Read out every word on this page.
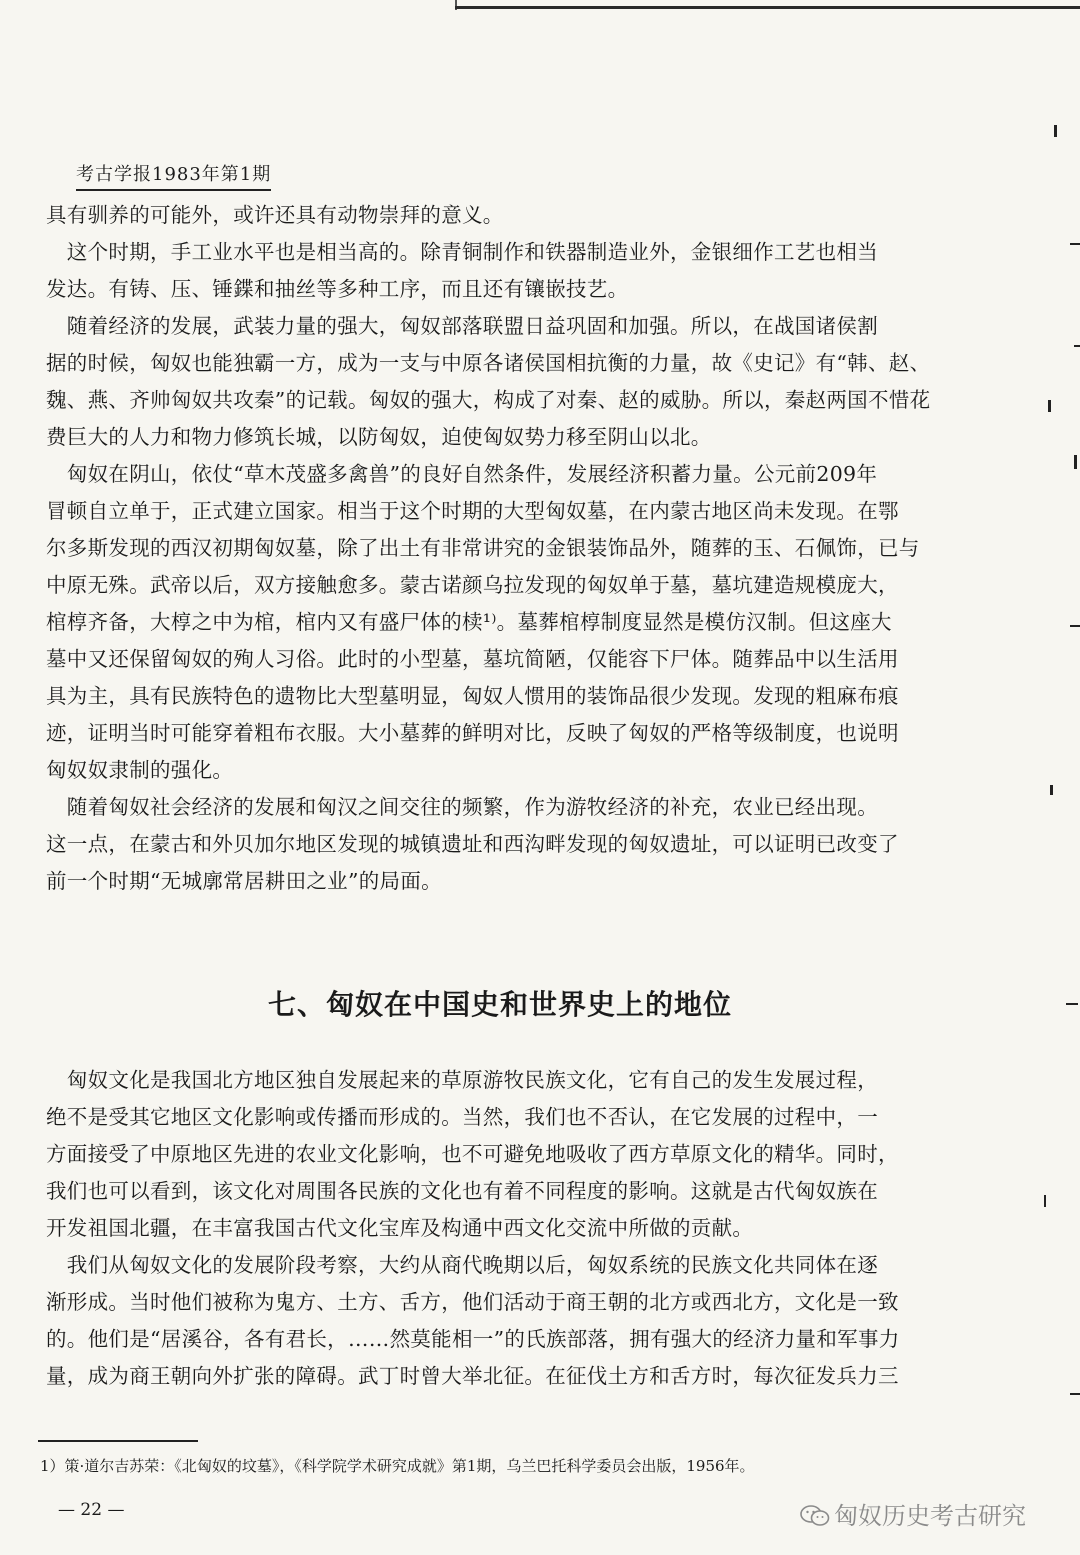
考古学报1983年第1期
具有驯养的可能外，或许还具有动物崇拜的意义。
　这个时期，手工业水平也是相当高的。除青铜制作和铁器制造业外，金银细作工艺也相当
发达。有铸、压、锤鍱和抽丝等多种工序，而且还有镶嵌技艺。
　随着经济的发展，武装力量的强大，匈奴部落联盟日益巩固和加强。所以，在战国诸侯割
据的时候，匈奴也能独霸一方，成为一支与中原各诸侯国相抗衡的力量，故《史记》有“韩、赵、
魏、燕、齐帅匈奴共攻秦”的记载。匈奴的强大，构成了对秦、赵的威胁。所以，秦赵两国不惜花
费巨大的人力和物力修筑长城，以防匈奴，迫使匈奴势力移至阴山以北。
　匈奴在阴山，依仗“草木茂盛多禽兽”的良好自然条件，发展经济积蓄力量。公元前209年
冒顿自立单于，正式建立国家。相当于这个时期的大型匈奴墓，在内蒙古地区尚未发现。在鄂
尔多斯发现的西汉初期匈奴墓，除了出土有非常讲究的金银装饰品外，随葬的玉、石佩饰，已与
中原无殊。武帝以后，双方接触愈多。蒙古诺颜乌拉发现的匈奴单于墓，墓坑建造规模庞大，
棺椁齐备，大椁之中为棺，棺内又有盛尸体的椟¹⁾。墓葬棺椁制度显然是模仿汉制。但这座大
墓中又还保留匈奴的殉人习俗。此时的小型墓，墓坑简陋，仅能容下尸体。随葬品中以生活用
具为主，具有民族特色的遗物比大型墓明显，匈奴人惯用的装饰品很少发现。发现的粗麻布痕
迹，证明当时可能穿着粗布衣服。大小墓葬的鲜明对比，反映了匈奴的严格等级制度，也说明
匈奴奴隶制的强化。
　随着匈奴社会经济的发展和匈汉之间交往的频繁，作为游牧经济的补充，农业已经出现。
这一点，在蒙古和外贝加尔地区发现的城镇遗址和西沟畔发现的匈奴遗址，可以证明已改变了
前一个时期“无城廓常居耕田之业”的局面。
七、匈奴在中国史和世界史上的地位
　匈奴文化是我国北方地区独自发展起来的草原游牧民族文化，它有自己的发生发展过程，
绝不是受其它地区文化影响或传播而形成的。当然，我们也不否认，在它发展的过程中，一
方面接受了中原地区先进的农业文化影响，也不可避免地吸收了西方草原文化的精华。同时，
我们也可以看到，该文化对周围各民族的文化也有着不同程度的影响。这就是古代匈奴族在
开发祖国北疆，在丰富我国古代文化宝库及构通中西文化交流中所做的贡献。
　我们从匈奴文化的发展阶段考察，大约从商代晚期以后，匈奴系统的民族文化共同体在逐
渐形成。当时他们被称为鬼方、土方、舌方，他们活动于商王朝的北方或西北方，文化是一致
的。他们是“居溪谷，各有君长，……然莫能相一”的氏族部落，拥有强大的经济力量和军事力
量，成为商王朝向外扩张的障碍。武丁时曾大举北征。在征伐土方和舌方时，每次征发兵力三
1）策·道尔吉苏荣：《北匈奴的坟墓》，《科学院学术研究成就》第1期，乌兰巴托科学委员会出版，1956年。
— 22 —	匈奴历史考古研究
